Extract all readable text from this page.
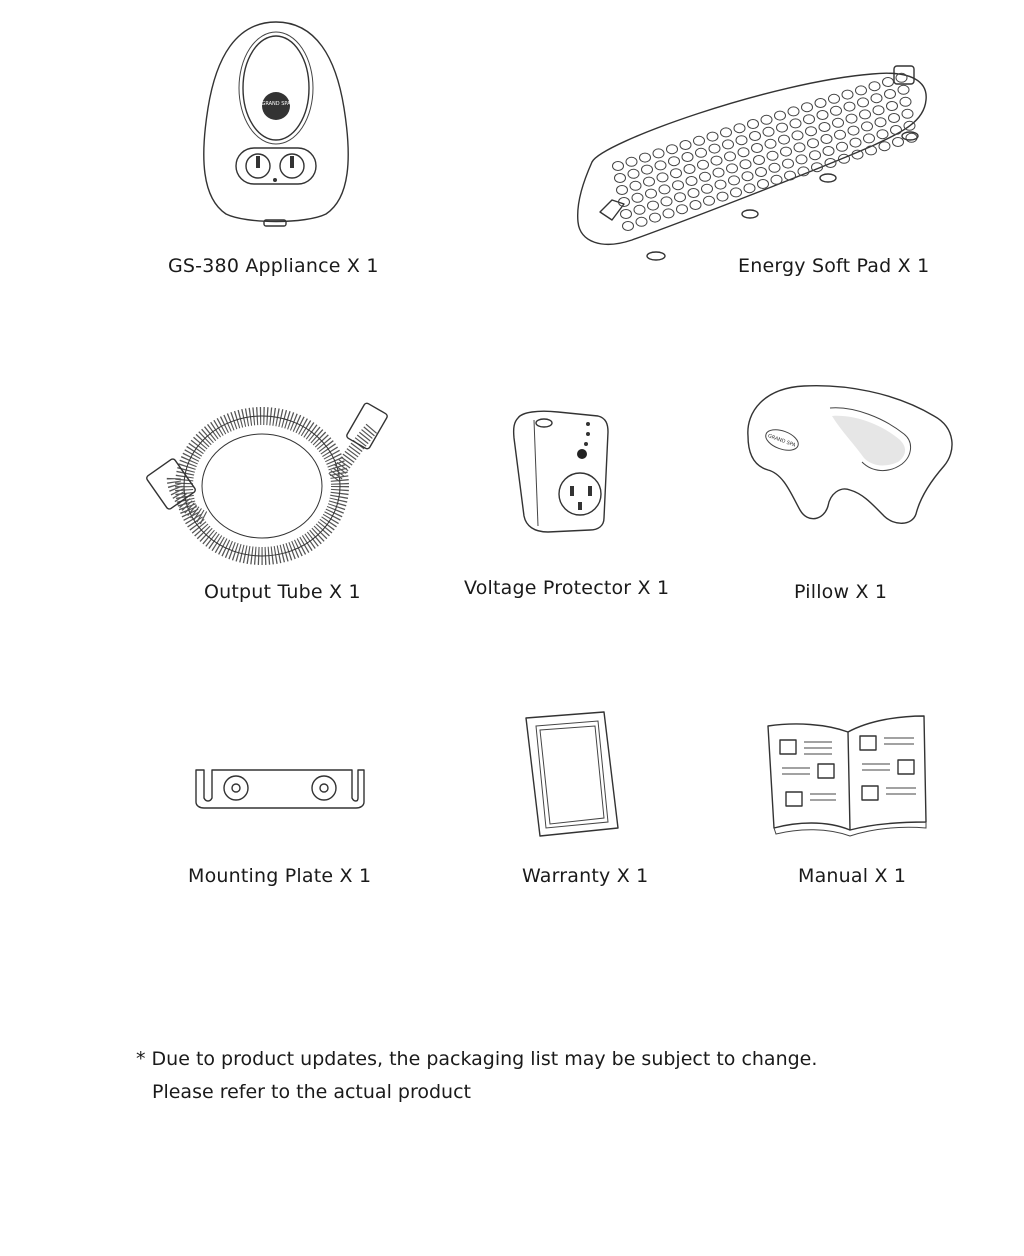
GRAND SPA
GS-380 Appliance X 1	Energy Soft Pad X 1
Output Tube X 1	Voltage Protector X 1
GRAND SPA
Pillow X 1
Mounting Plate X 1	Warranty X 1	Manual X 1
* Due to product updates, the packaging list may be subject to change.
Please refer to the actual product
